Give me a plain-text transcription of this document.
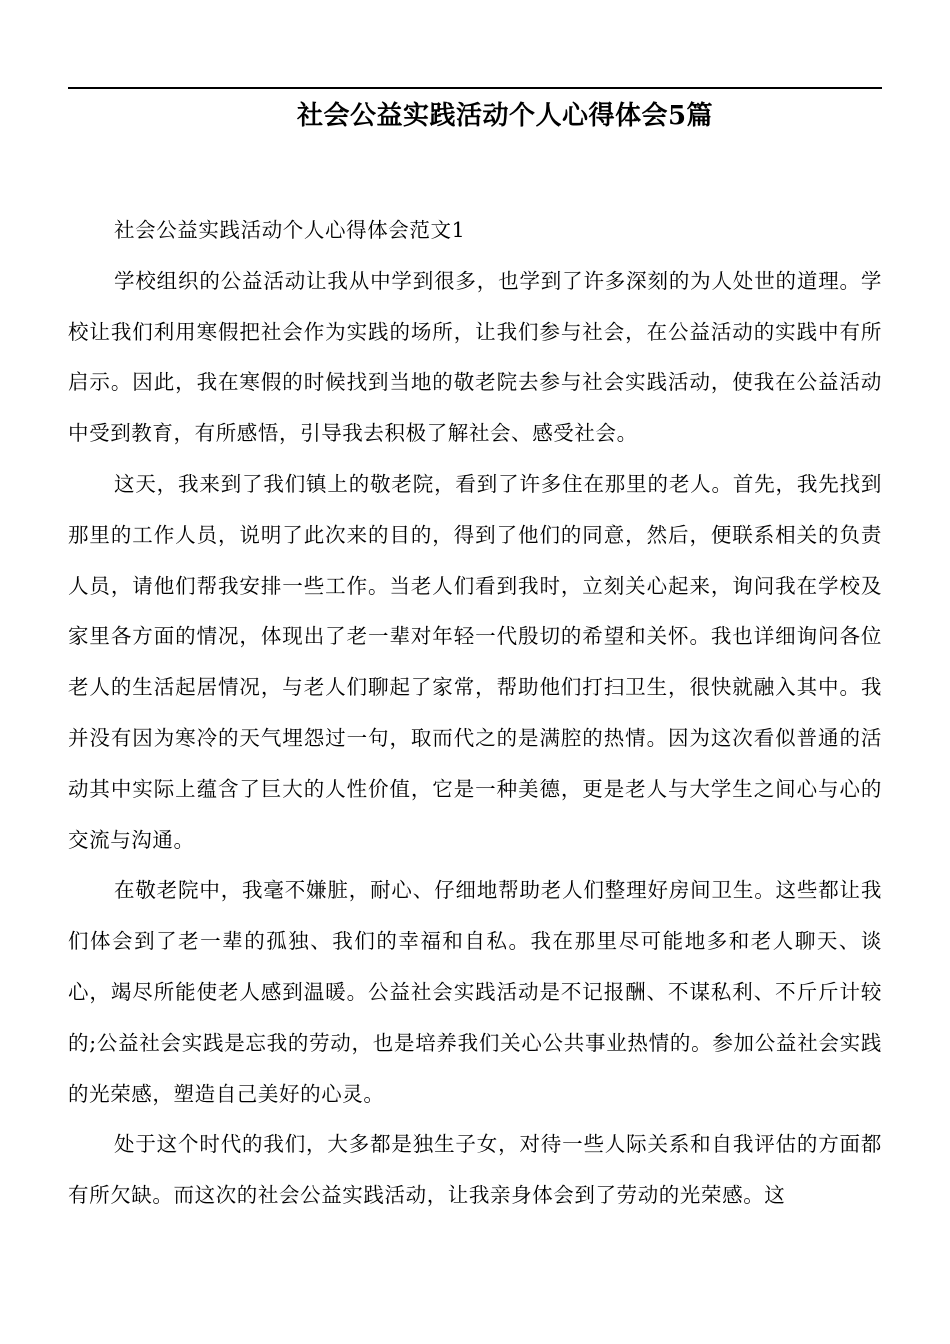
社会公益实践活动个人心得体会5篇

社会公益实践活动个人心得体会范文1

学校组织的公益活动让我从中学到很多，也学到了许多深刻的为人处世的道理。学校让我们利用寒假把社会作为实践的场所，让我们参与社会，在公益活动的实践中有所启示。因此，我在寒假的时候找到当地的敬老院去参与社会实践活动，使我在公益活动中受到教育，有所感悟，引导我去积极了解社会、感受社会。

这天，我来到了我们镇上的敬老院，看到了许多住在那里的老人。首先，我先找到那里的工作人员，说明了此次来的目的，得到了他们的同意，然后，便联系相关的负责人员，请他们帮我安排一些工作。当老人们看到我时，立刻关心起来，询问我在学校及家里各方面的情况，体现出了老一辈对年轻一代殷切的希望和关怀。我也详细询问各位老人的生活起居情况，与老人们聊起了家常，帮助他们打扫卫生，很快就融入其中。我并没有因为寒冷的天气埋怨过一句，取而代之的是满腔的热情。因为这次看似普通的活动其中实际上蕴含了巨大的人性价值，它是一种美德，更是老人与大学生之间心与心的交流与沟通。

在敬老院中，我毫不嫌脏，耐心、仔细地帮助老人们整理好房间卫生。这些都让我们体会到了老一辈的孤独、我们的幸福和自私。我在那里尽可能地多和老人聊天、谈心，竭尽所能使老人感到温暖。公益社会实践活动是不记报酬、不谋私利、不斤斤计较的;公益社会实践是忘我的劳动，也是培养我们关心公共事业热情的。参加公益社会实践的光荣感，塑造自己美好的心灵。

处于这个时代的我们，大多都是独生子女，对待一些人际关系和自我评估的方面都有所欠缺。而这次的社会公益实践活动，让我亲身体会到了劳动的光荣感。这
